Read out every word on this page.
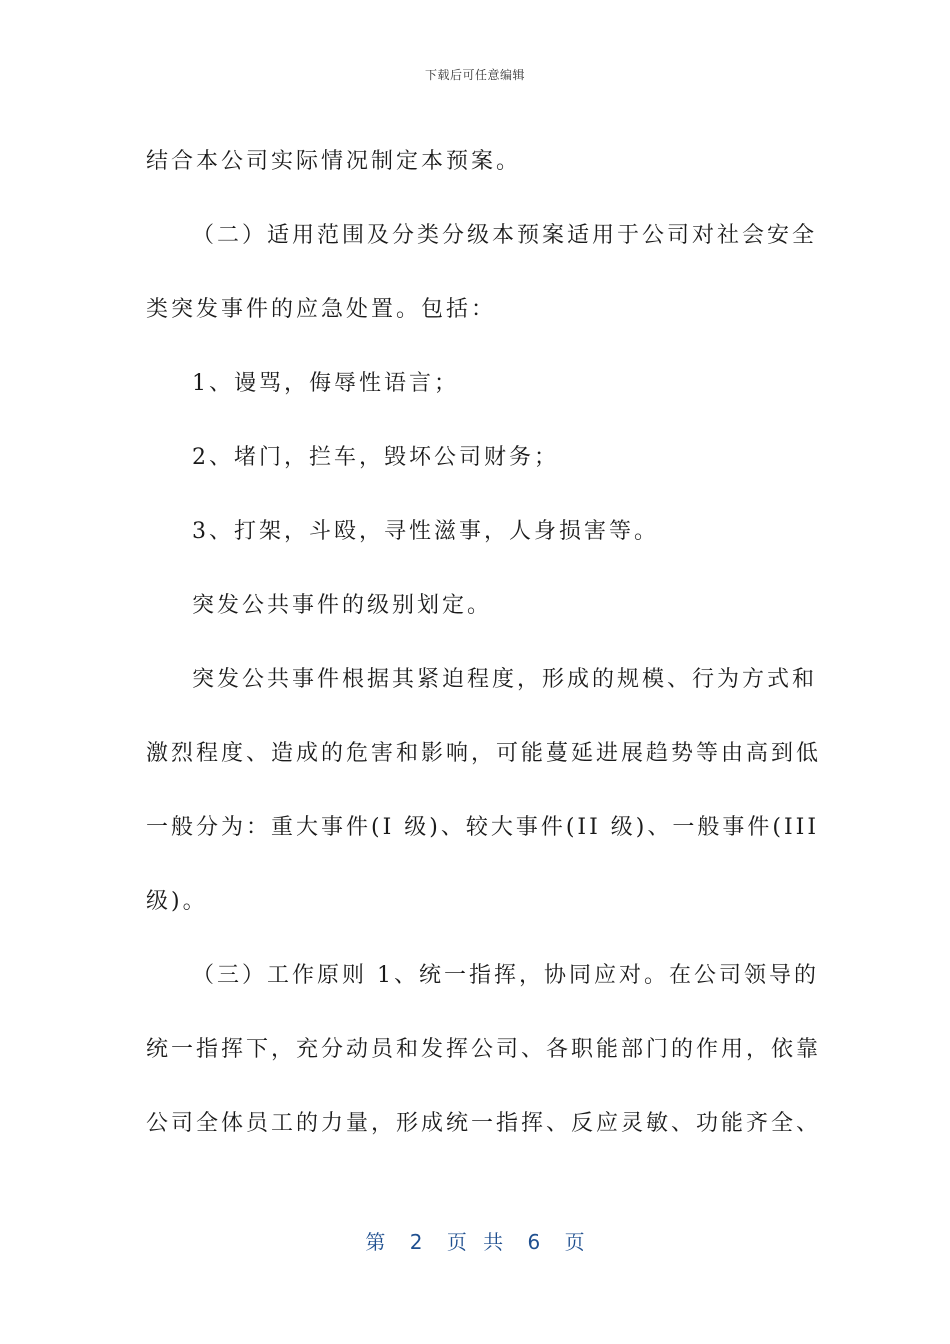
下载后可任意编辑

结合本公司实际情况制定本预案。

（二）适用范围及分类分级本预案适用于公司对社会安全

类突发事件的应急处置。包括：

1、谩骂，侮辱性语言；

2、堵门，拦车，毁坏公司财务；

3、打架，斗殴，寻性滋事，人身损害等。

突发公共事件的级别划定。

突发公共事件根据其紧迫程度，形成的规模、行为方式和

激烈程度、造成的危害和影响，可能蔓延进展趋势等由高到低

一般分为：重大事件(I 级)、较大事件(II 级)、一般事件(III

级)。

（三）工作原则 1、统一指挥，协同应对。在公司领导的

统一指挥下，充分动员和发挥公司、各职能部门的作用，依靠

公司全体员工的力量，形成统一指挥、反应灵敏、功能齐全、

第 2 页 共 6 页
